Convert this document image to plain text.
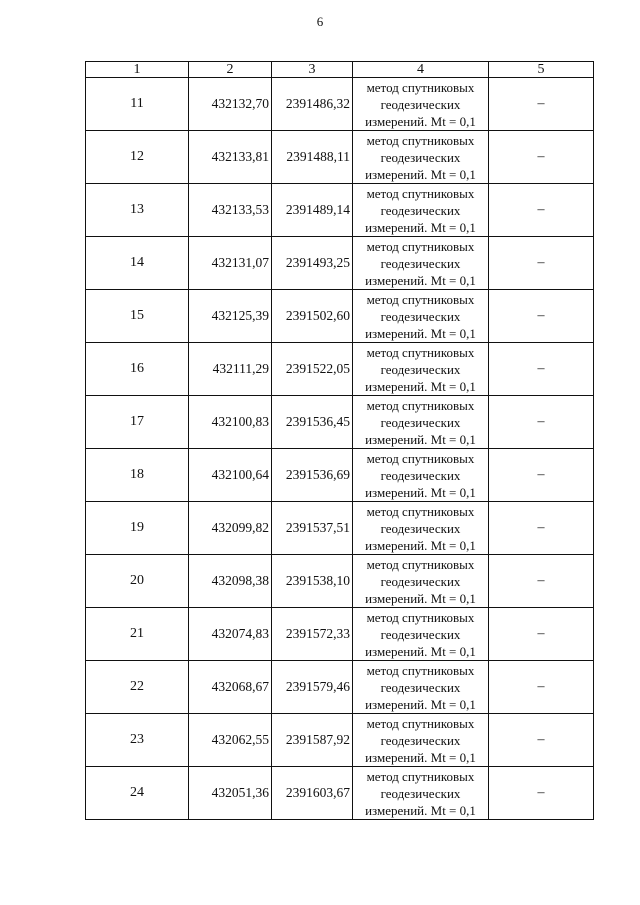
6
1	2	3	4	5
11	432132,70	2391486,32	метод спутниковых
геодезических
измерений. Mt = 0,1	–
12	432133,81	2391488,11	метод спутниковых
геодезических
измерений. Mt = 0,1	–
13	432133,53	2391489,14	метод спутниковых
геодезических
измерений. Mt = 0,1	–
14	432131,07	2391493,25	метод спутниковых
геодезических
измерений. Mt = 0,1	–
15	432125,39	2391502,60	метод спутниковых
геодезических
измерений. Mt = 0,1	–
16	432111,29	2391522,05	метод спутниковых
геодезических
измерений. Mt = 0,1	–
17	432100,83	2391536,45	метод спутниковых
геодезических
измерений. Mt = 0,1	–
18	432100,64	2391536,69	метод спутниковых
геодезических
измерений. Mt = 0,1	–
19	432099,82	2391537,51	метод спутниковых
геодезических
измерений. Mt = 0,1	–
20	432098,38	2391538,10	метод спутниковых
геодезических
измерений. Mt = 0,1	–
21	432074,83	2391572,33	метод спутниковых
геодезических
измерений. Mt = 0,1	–
22	432068,67	2391579,46	метод спутниковых
геодезических
измерений. Mt = 0,1	–
23	432062,55	2391587,92	метод спутниковых
геодезических
измерений. Mt = 0,1	–
24	432051,36	2391603,67	метод спутниковых
геодезических
измерений. Mt = 0,1	–
